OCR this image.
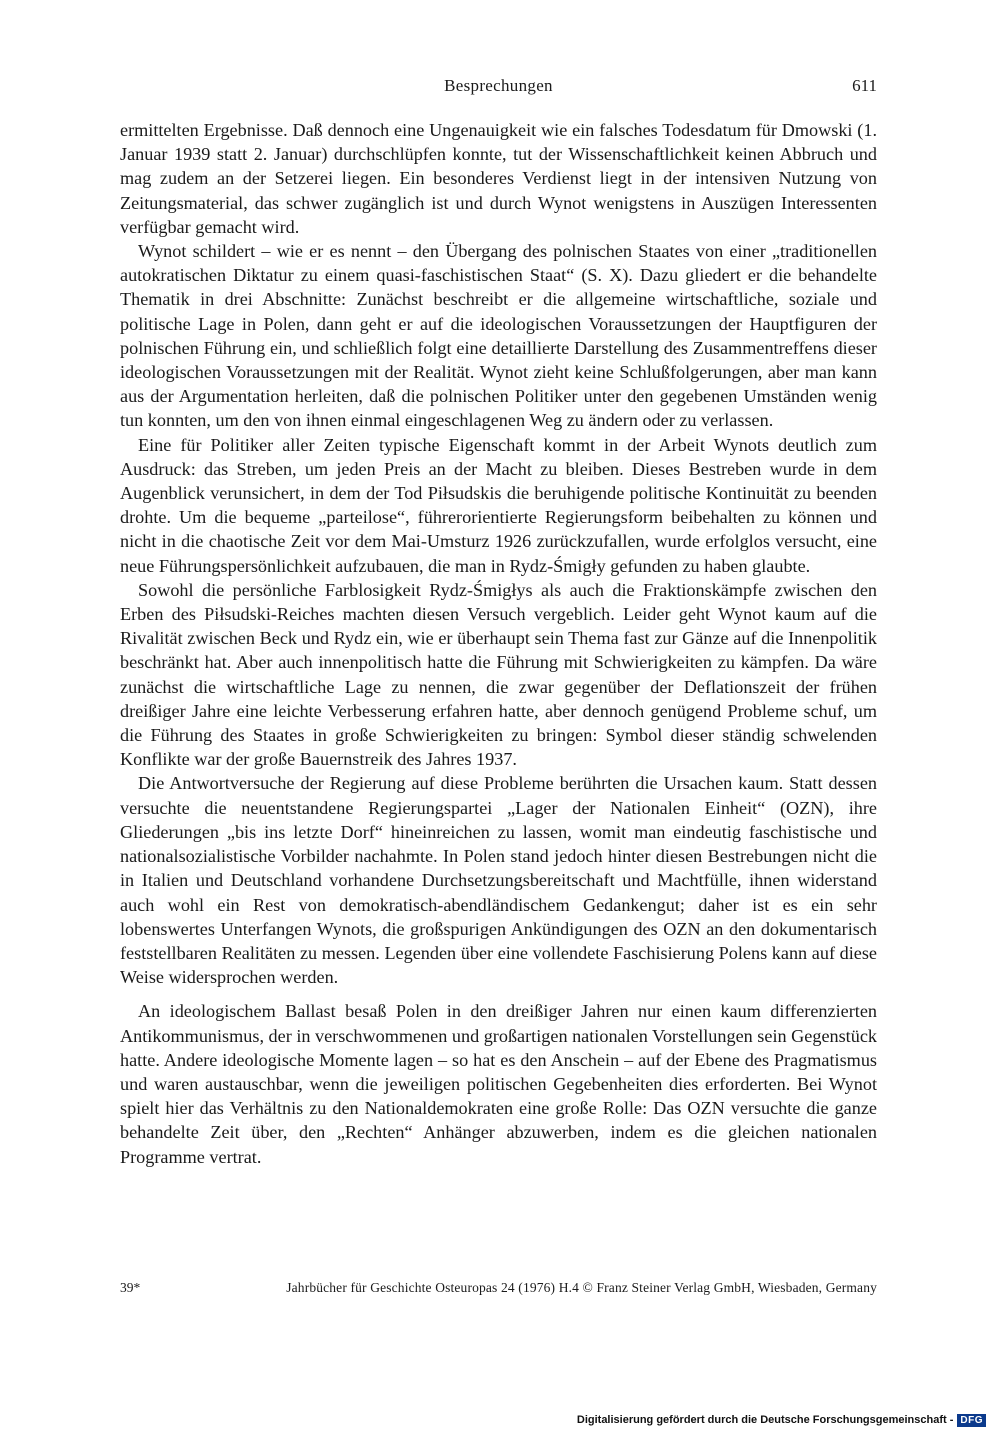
Besprechungen	611

ermittelten Ergebnisse. Daß dennoch eine Ungenauigkeit wie ein falsches Todesdatum für Dmowski (1. Januar 1939 statt 2. Januar) durchschlüpfen konnte, tut der Wissenschaftlichkeit keinen Abbruch und mag zudem an der Setzerei liegen. Ein besonderes Verdienst liegt in der intensiven Nutzung von Zeitungsmaterial, das schwer zugänglich ist und durch Wynot wenigstens in Auszügen Interessenten verfügbar gemacht wird.

Wynot schildert – wie er es nennt – den Übergang des polnischen Staates von einer „traditionellen autokratischen Diktatur zu einem quasi-faschistischen Staat“ (S. X). Dazu gliedert er die behandelte Thematik in drei Abschnitte: Zunächst beschreibt er die allgemeine wirtschaftliche, soziale und politische Lage in Polen, dann geht er auf die ideologischen Voraussetzungen der Hauptfiguren der polnischen Führung ein, und schließlich folgt eine detaillierte Darstellung des Zusammentreffens dieser ideologischen Voraussetzungen mit der Realität. Wynot zieht keine Schlußfolgerungen, aber man kann aus der Argumentation herleiten, daß die polnischen Politiker unter den gegebenen Umständen wenig tun konnten, um den von ihnen einmal eingeschlagenen Weg zu ändern oder zu verlassen.

Eine für Politiker aller Zeiten typische Eigenschaft kommt in der Arbeit Wynots deutlich zum Ausdruck: das Streben, um jeden Preis an der Macht zu bleiben. Dieses Bestreben wurde in dem Augenblick verunsichert, in dem der Tod Piłsudskis die beruhigende politische Kontinuität zu beenden drohte. Um die bequeme „parteilose“, führerorientierte Regierungsform beibehalten zu können und nicht in die chaotische Zeit vor dem Mai-Umsturz 1926 zurückzufallen, wurde erfolglos versucht, eine neue Führungspersönlichkeit aufzubauen, die man in Rydz-Śmigły gefunden zu haben glaubte.

Sowohl die persönliche Farblosigkeit Rydz-Śmigłys als auch die Fraktionskämpfe zwischen den Erben des Piłsudski-Reiches machten diesen Versuch vergeblich. Leider geht Wynot kaum auf die Rivalität zwischen Beck und Rydz ein, wie er überhaupt sein Thema fast zur Gänze auf die Innenpolitik beschränkt hat. Aber auch innenpolitisch hatte die Führung mit Schwierigkeiten zu kämpfen. Da wäre zunächst die wirtschaftliche Lage zu nennen, die zwar gegenüber der Deflationszeit der frühen dreißiger Jahre eine leichte Verbesserung erfahren hatte, aber dennoch genügend Probleme schuf, um die Führung des Staates in große Schwierigkeiten zu bringen: Symbol dieser ständig schwelenden Konflikte war der große Bauernstreik des Jahres 1937.

Die Antwortversuche der Regierung auf diese Probleme berührten die Ursachen kaum. Statt dessen versuchte die neuentstandene Regierungspartei „Lager der Nationalen Einheit“ (OZN), ihre Gliederungen „bis ins letzte Dorf“ hineinreichen zu lassen, womit man eindeutig faschistische und nationalsozialistische Vorbilder nachahmte. In Polen stand jedoch hinter diesen Bestrebungen nicht die in Italien und Deutschland vorhandene Durchsetzungsbereitschaft und Machtfülle, ihnen widerstand auch wohl ein Rest von demokratisch-abendländischem Gedankengut; daher ist es ein sehr lobenswertes Unterfangen Wynots, die großspurigen Ankündigungen des OZN an den dokumentarisch feststellbaren Realitäten zu messen. Legenden über eine vollendete Faschisierung Polens kann auf diese Weise widersprochen werden.

An ideologischem Ballast besaß Polen in den dreißiger Jahren nur einen kaum differenzierten Antikommunismus, der in verschwommenen und großartigen nationalen Vorstellungen sein Gegenstück hatte. Andere ideologische Momente lagen – so hat es den Anschein – auf der Ebene des Pragmatismus und waren austauschbar, wenn die jeweiligen politischen Gegebenheiten dies erforderten. Bei Wynot spielt hier das Verhältnis zu den Nationaldemokraten eine große Rolle: Das OZN versuchte die ganze behandelte Zeit über, den „Rechten“ Anhänger abzuwerben, indem es die gleichen nationalen Programme vertrat.

39*	Jahrbücher für Geschichte Osteuropas 24 (1976) H.4 © Franz Steiner Verlag GmbH, Wiesbaden, Germany
Digitalisierung gefördert durch die Deutsche Forschungsgemeinschaft - DFG
